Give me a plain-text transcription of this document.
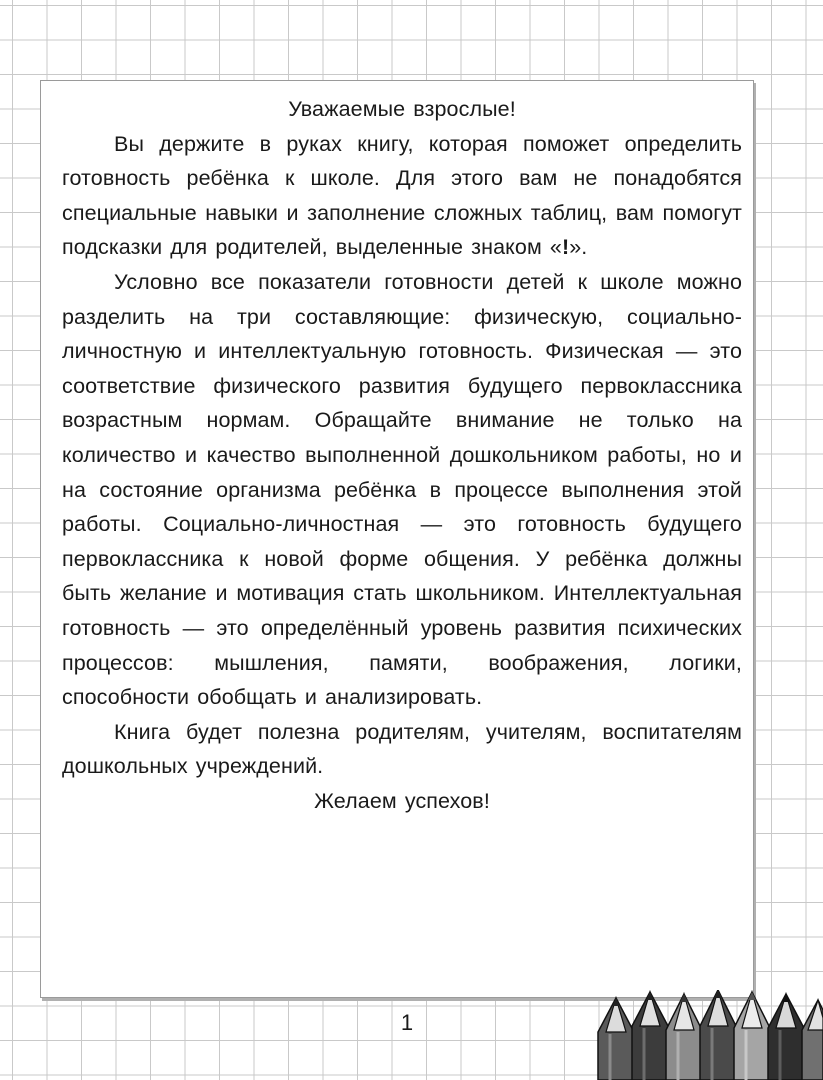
Уважаемые взрослые!

Вы держите в руках книгу, которая поможет определить готовность ребёнка к школе. Для этого вам не понадобятся специальные навыки и заполнение сложных таблиц, вам помогут подсказки для родителей, выделенные знаком «!».

Условно все показатели готовности детей к школе можно разделить на три составляющие: физическую, социально-личностную и интеллектуальную готовность. Физическая — это соответствие физического развития будущего первоклассника возрастным нормам. Обращайте внимание не только на количество и качество выполненной дошкольником работы, но и на состояние организма ребёнка в процессе выполнения этой работы. Социально-личностная — это готовность будущего первоклассника к новой форме общения. У ребёнка должны быть желание и мотивация стать школьником. Интеллектуальная готовность — это определённый уровень развития психических процессов: мышления, памяти, воображения, логики, способности обобщать и анализировать.

Книга будет полезна родителям, учителям, воспитателям дошкольных учреждений.

Желаем успехов!

1
